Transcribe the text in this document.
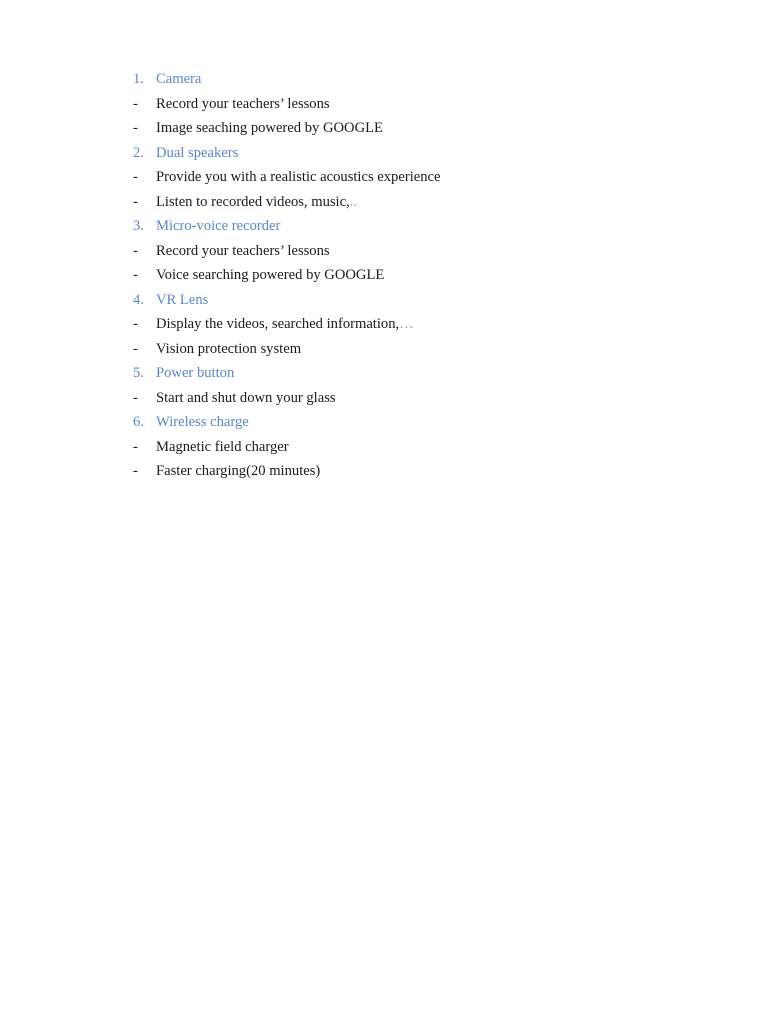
1. Camera
-	Record your teachers’ lessons
-	Image seaching powered by GOOGLE
2. Dual speakers
-	Provide you with a realistic acoustics experience
-	Listen to recorded videos, music, ..
3. Micro-voice recorder
-	Record your teachers’ lessons
-	Voice searching powered by GOOGLE
4. VR Lens
-	Display the videos, searched information, …
-	Vision protection system
5. Power button
-	Start and shut down your glass
6. Wireless charge
-	Magnetic field charger
-	Faster charging(20 minutes)
